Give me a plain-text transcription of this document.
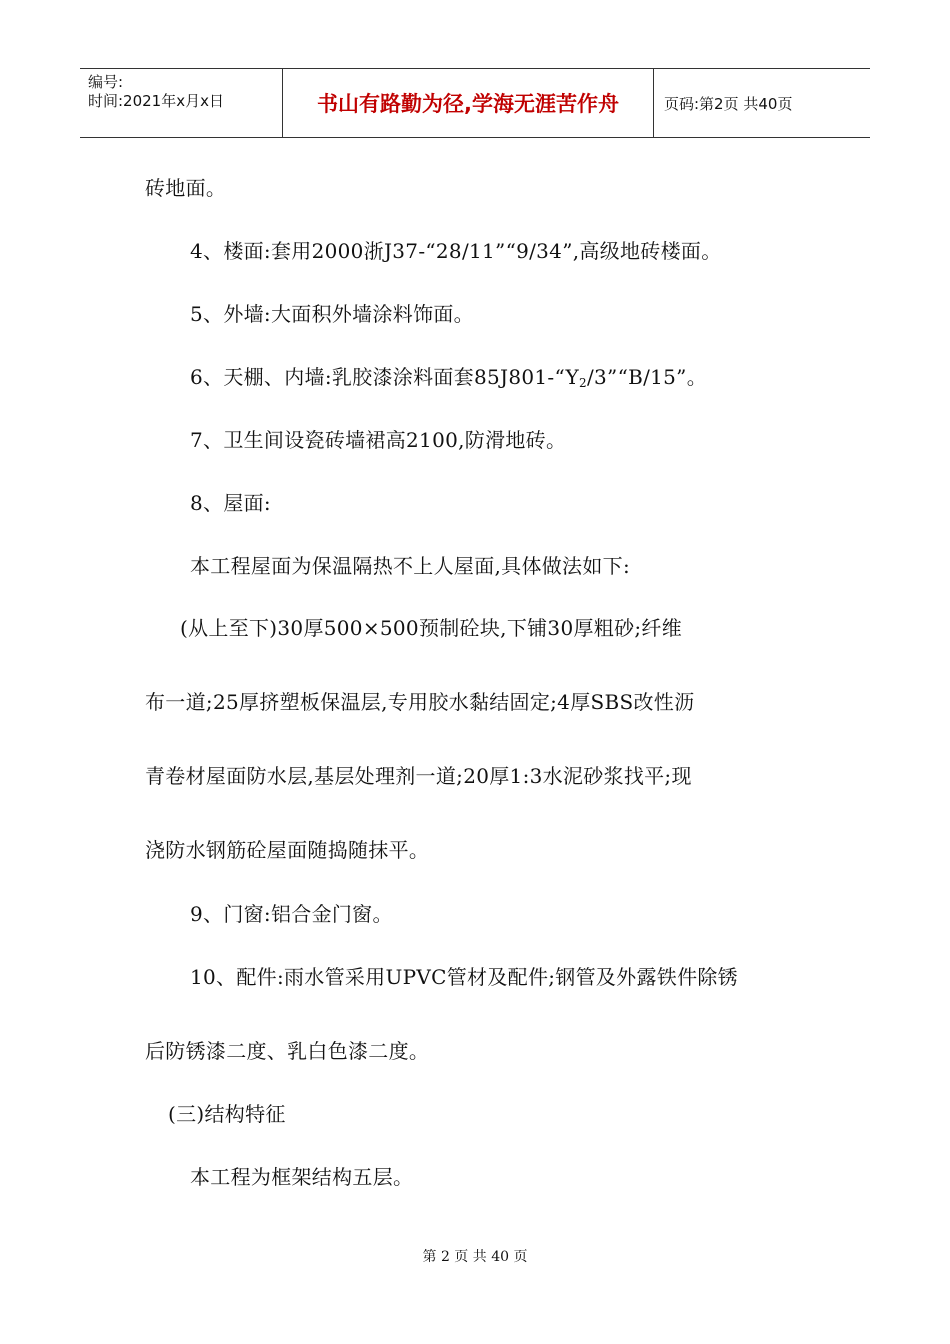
编号:
时间:2021年x月x日	书山有路勤为径,学海无涯苦作舟	页码:第2页 共40页
砖地面。
4、楼面:套用2000浙J37-“28/11”“9/34”,高级地砖楼面。
5、外墙:大面积外墙涂料饰面。
6、天棚、内墙:乳胶漆涂料面套$85J801-“Y_2/3”“B/15$”。
7、卫生间设瓷砖墙裙高2100,防滑地砖。
8、屋面:
本工程屋面为保温隔热不上人屋面,具体做法如下:
(从上至下)30厚500×500预制砼块,下铺30厚粗砂;纤维
布一道;25厚挤塑板保温层,专用胶水黏结固定;4厚SBS改性沥
青卷材屋面防水层,基层处理剂一道;20厚1:3水泥砂浆找平;现
浇防水钢筋砼屋面随捣随抹平。
9、门窗:铝合金门窗。
10、配件:雨水管采用UPVC管材及配件;钢管及外露铁件除锈
后防锈漆二度、乳白色漆二度。
(三)结构特征
本工程为框架结构五层。
第 2 页 共 40 页
